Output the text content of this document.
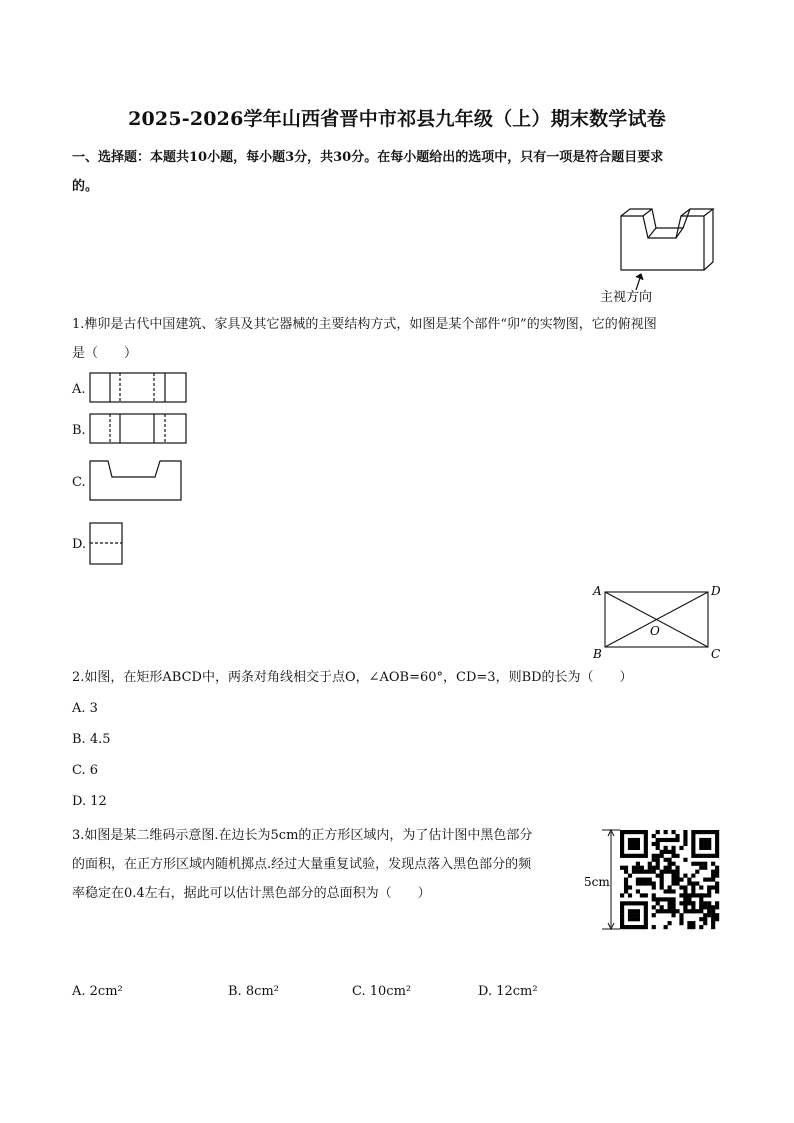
2025-2026学年山西省晋中市祁县九年级（上）期末数学试卷
一、选择题：本题共10小题，每小题3分，共30分。在每小题给出的选项中，只有一项是符合题目要求
的。
主视方向
1.榫卯是古代中国建筑、家具及其它器械的主要结构方式，如图是某个部件“卯”的实物图，它的俯视图
是（　　）
A.
B.
C.
D.
A	D
B	C
O
2.如图，在矩形ABCD中，两条对角线相交于点O，∠AOB=60°，CD=3，则BD的长为（　　）
A. 3
B. 4.5
C. 6
D. 12
3.如图是某二维码示意图.在边长为5cm的正方形区域内，为了估计图中黑色部分
的面积，在正方形区域内随机掷点.经过大量重复试验，发现点落入黑色部分的频
率稳定在0.4左右，据此可以估计黑色部分的总面积为（　　）
5cm
A. 2cm²	B. 8cm²	C. 10cm²	D. 12cm²
